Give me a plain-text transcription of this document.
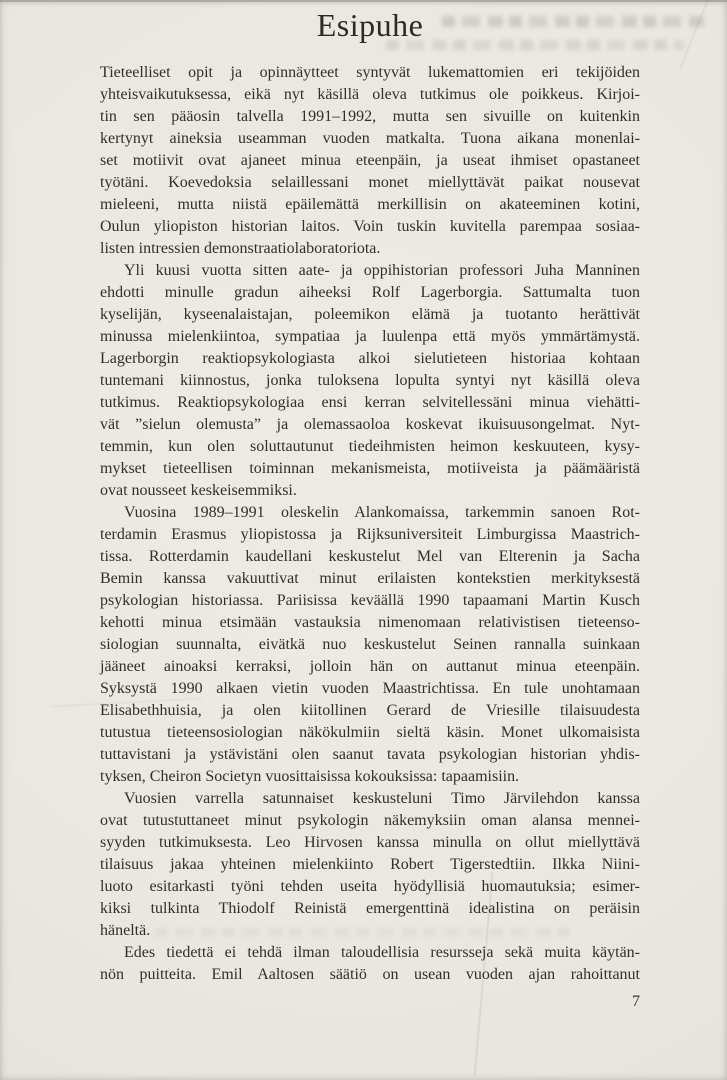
Esipuhe
Tieteelliset opit ja opinnäytteet syntyvät lukemattomien eri tekijöiden
yhteisvaikutuksessa, eikä nyt käsillä oleva tutkimus ole poikkeus. Kirjoi-
tin sen pääosin talvella 1991–1992, mutta sen sivuille on kuitenkin
kertynyt aineksia useamman vuoden matkalta. Tuona aikana monenlai-
set motiivit ovat ajaneet minua eteenpäin, ja useat ihmiset opastaneet
työtäni. Koevedoksia selaillessani monet miellyttävät paikat nousevat
mieleeni, mutta niistä epäilemättä merkillisin on akateeminen kotini,
Oulun yliopiston historian laitos. Voin tuskin kuvitella parempaa sosiaa-
listen intressien demonstraatiolaboratoriota.
Yli kuusi vuotta sitten aate- ja oppihistorian professori Juha Manninen
ehdotti minulle gradun aiheeksi Rolf Lagerborgia. Sattumalta tuon
kyselijän, kyseenalaistajan, poleemikon elämä ja tuotanto herättivät
minussa mielenkiintoa, sympatiaa ja luulenpa että myös ymmärtämystä.
Lagerborgin reaktiopsykologiasta alkoi sielutieteen historiaa kohtaan
tuntemani kiinnostus, jonka tuloksena lopulta syntyi nyt käsillä oleva
tutkimus. Reaktiopsykologiaa ensi kerran selvitellessäni minua viehätti-
vät ”sielun olemusta” ja olemassaoloa koskevat ikuisuusongelmat. Nyt-
temmin, kun olen soluttautunut tiedeihmisten heimon keskuuteen, kysy-
mykset tieteellisen toiminnan mekanismeista, motiiveista ja päämääristä
ovat nousseet keskeisemmiksi.
Vuosina 1989–1991 oleskelin Alankomaissa, tarkemmin sanoen Rot-
terdamin Erasmus yliopistossa ja Rijksuniversiteit Limburgissa Maastrich-
tissa. Rotterdamin kaudellani keskustelut Mel van Elterenin ja Sacha
Bemin kanssa vakuuttivat minut erilaisten kontekstien merkityksestä
psykologian historiassa. Pariisissa keväällä 1990 tapaamani Martin Kusch
kehotti minua etsimään vastauksia nimenomaan relativistisen tieteenso-
siologian suunnalta, eivätkä nuo keskustelut Seinen rannalla suinkaan
jääneet ainoaksi kerraksi, jolloin hän on auttanut minua eteenpäin.
Syksystä 1990 alkaen vietin vuoden Maastrichtissa. En tule unohtamaan
Elisabethhuisia, ja olen kiitollinen Gerard de Vriesille tilaisuudesta
tutustua tieteensosiologian näkökulmiin sieltä käsin. Monet ulkomaisista
tuttavistani ja ystävistäni olen saanut tavata psykologian historian yhdis-
tyksen, Cheiron Societyn vuosittaisissa kokouksissa: tapaamisiin.
Vuosien varrella satunnaiset keskusteluni Timo Järvilehdon kanssa
ovat tutustuttaneet minut psykologin näkemyksiin oman alansa mennei-
syyden tutkimuksesta. Leo Hirvosen kanssa minulla on ollut miellyttävä
tilaisuus jakaa yhteinen mielenkiinto Robert Tigerstedtiin. Ilkka Niini-
luoto esitarkasti työni tehden useita hyödyllisiä huomautuksia; esimer-
kiksi tulkinta Thiodolf Reinistä emergenttinä idealistina on peräisin
häneltä.
Edes tiedettä ei tehdä ilman taloudellisia resursseja sekä muita käytän-
nön puitteita. Emil Aaltosen säätiö on usean vuoden ajan rahoittanut
7
